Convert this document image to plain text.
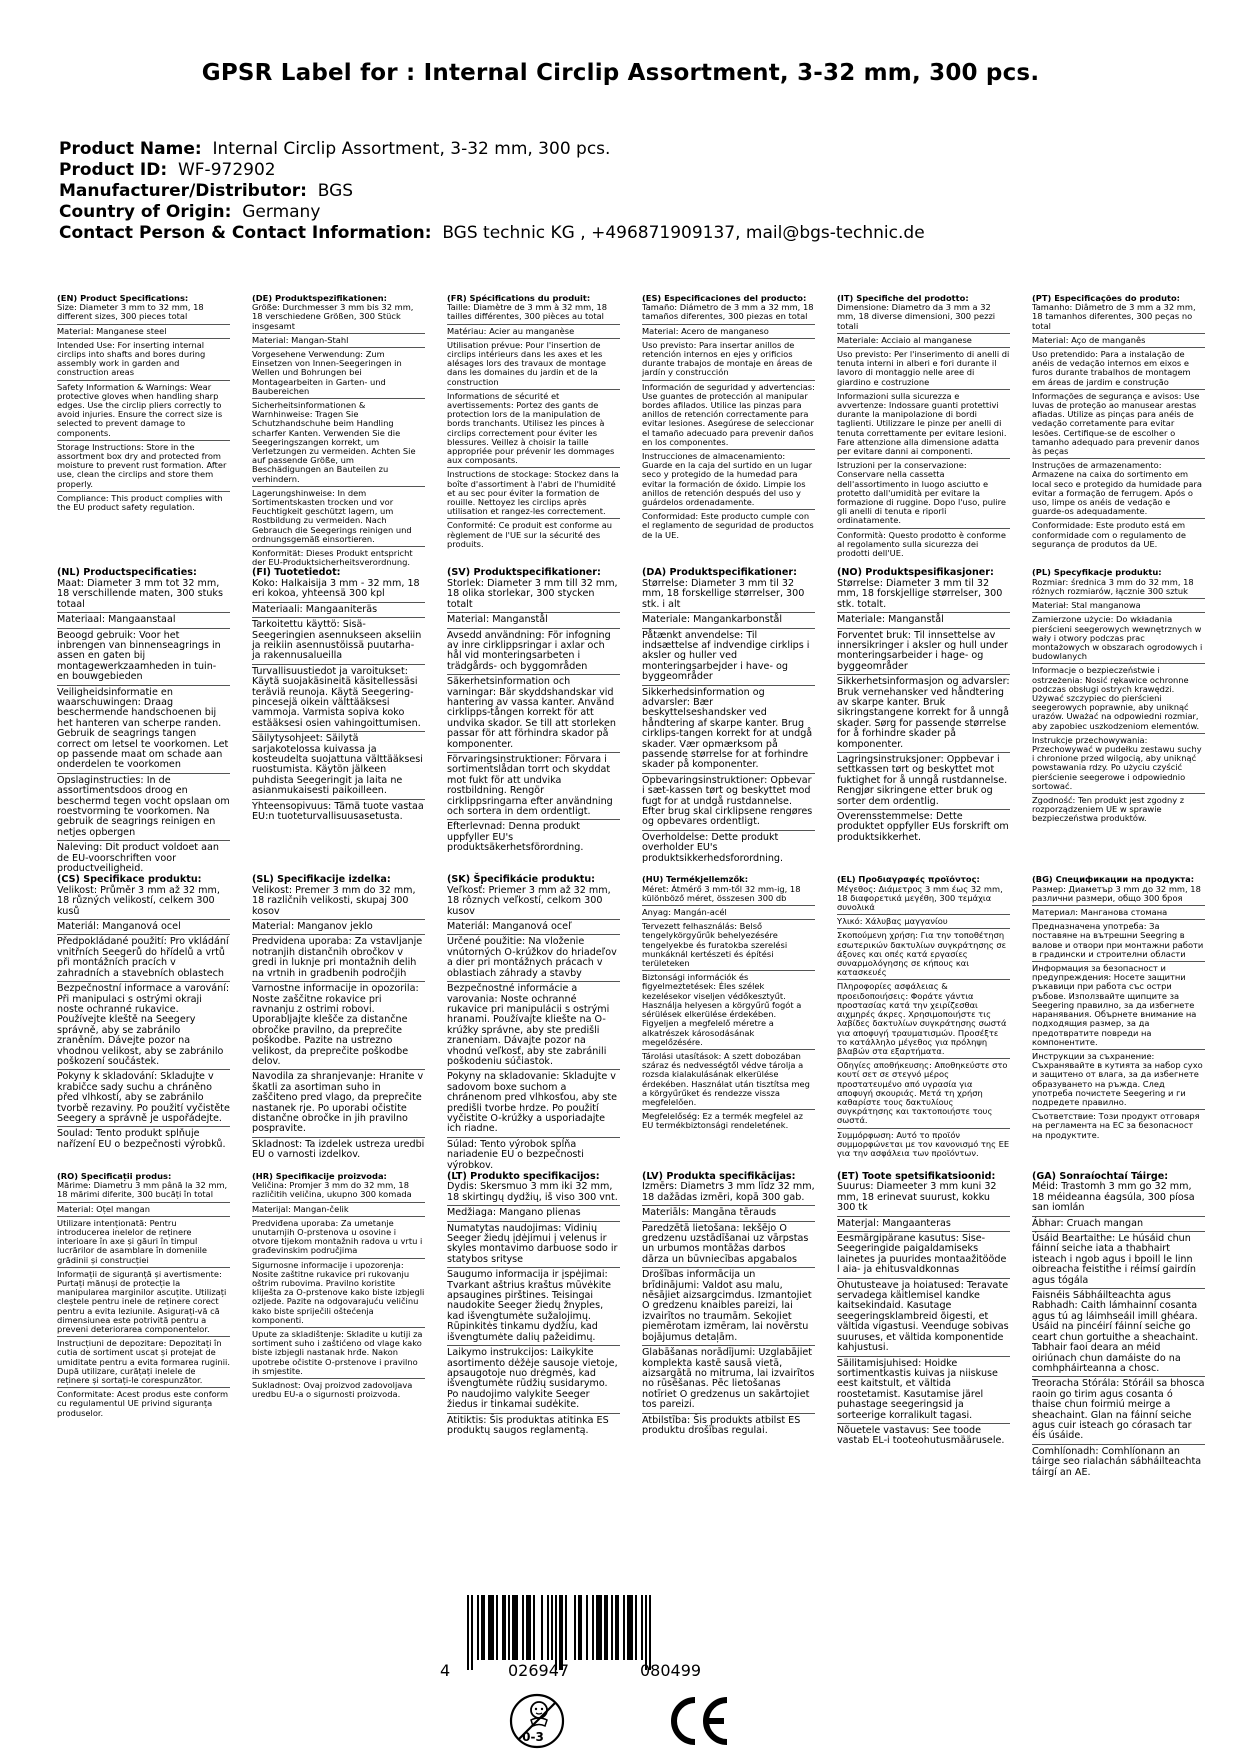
GPSR Label for : Internal Circlip Assortment, 3-32 mm, 300 pcs.
Product Name: Internal Circlip Assortment, 3-32 mm, 300 pcs.
Product ID: WF-972902
Manufacturer/Distributor: BGS
Country of Origin: Germany
Contact Person & Contact Information: BGS technic KG , +496871909137, mail@bgs-technic.de
(EN) Product Specifications:
Size: Diameter 3 mm to 32 mm, 18 different sizes, 300 pieces total
Material: Manganese steel
Intended Use: For inserting internal circlips into shafts and bores during assembly work in garden and construction areas
Safety Information & Warnings: Wear protective gloves when handling sharp edges. Use the circlip pliers correctly to avoid injuries. Ensure the correct size is selected to prevent damage to components.
Storage Instructions: Store in the assortment box dry and protected from moisture to prevent rust formation. After use, clean the circlips and store them properly.
Compliance: This product complies with the EU product safety regulation.
(DE) Produktspezifikationen:
Größe: Durchmesser 3 mm bis 32 mm, 18 verschiedene Größen, 300 Stück insgesamt
Material: Mangan-Stahl
Vorgesehene Verwendung: Zum Einsetzen von Innen-Seegeringen in Wellen und Bohrungen bei Montagearbeiten in Garten- und Baubereichen
Sicherheitsinformationen & Warnhinweise: Tragen Sie Schutzhandschuhe beim Handling scharfer Kanten. Verwenden Sie die Seegeringszangen korrekt, um Verletzungen zu vermeiden. Achten Sie auf passende Größe, um Beschädigungen an Bauteilen zu verhindern.
Lagerungshinweise: In dem Sortimentskasten trocken und vor Feuchtigkeit geschützt lagern, um Rostbildung zu vermeiden. Nach Gebrauch die Seegerings reinigen und ordnungsgemäß einsortieren.
Konformität: Dieses Produkt entspricht der EU-Produktsicherheitsverordnung.
(FR) Spécifications du produit:
Taille: Diamètre de 3 mm à 32 mm, 18 tailles différentes, 300 pièces au total
Matériau: Acier au manganèse
Utilisation prévue: Pour l'insertion de circlips intérieurs dans les axes et les alésages lors des travaux de montage dans les domaines du jardin et de la construction
Informations de sécurité et avertissements: Portez des gants de protection lors de la manipulation de bords tranchants. Utilisez les pinces à circlips correctement pour éviter les blessures. Veillez à choisir la taille appropriée pour prévenir les dommages aux composants.
Instructions de stockage: Stockez dans la boîte d'assortiment à l'abri de l'humidité et au sec pour éviter la formation de rouille. Nettoyez les circlips après utilisation et rangez-les correctement.
Conformité: Ce produit est conforme au règlement de l'UE sur la sécurité des produits.
(ES) Especificaciones del producto:
Tamaño: Diámetro de 3 mm a 32 mm, 18 tamaños diferentes, 300 piezas en total
Material: Acero de manganeso
Uso previsto: Para insertar anillos de retención internos en ejes y orificios durante trabajos de montaje en áreas de jardín y construcción
Información de seguridad y advertencias: Use guantes de protección al manipular bordes afilados. Utilice las pinzas para anillos de retención correctamente para evitar lesiones. Asegúrese de seleccionar el tamaño adecuado para prevenir daños en los componentes.
Instrucciones de almacenamiento: Guarde en la caja del surtido en un lugar seco y protegido de la humedad para evitar la formación de óxido. Limpie los anillos de retención después del uso y guárdelos ordenadamente.
Conformidad: Este producto cumple con el reglamento de seguridad de productos de la UE.
(IT) Specifiche del prodotto:
Dimensione: Diametro da 3 mm a 32 mm, 18 diverse dimensioni, 300 pezzi totali
Materiale: Acciaio al manganese
Uso previsto: Per l'inserimento di anelli di tenuta interni in alberi e fori durante il lavoro di montaggio nelle aree di giardino e costruzione
Informazioni sulla sicurezza e avvertenze: Indossare guanti protettivi durante la manipolazione di bordi taglienti. Utilizzare le pinze per anelli di tenuta correttamente per evitare lesioni. Fare attenzione alla dimensione adatta per evitare danni ai componenti.
Istruzioni per la conservazione: Conservare nella cassetta dell'assortimento in luogo asciutto e protetto dall'umidità per evitare la formazione di ruggine. Dopo l'uso, pulire gli anelli di tenuta e riporli ordinatamente.
Conformità: Questo prodotto è conforme al regolamento sulla sicurezza dei prodotti dell'UE.
(PT) Especificações do produto:
Tamanho: Diâmetro de 3 mm a 32 mm, 18 tamanhos diferentes, 300 peças no total
Material: Aço de manganês
Uso pretendido: Para a instalação de anéis de vedação internos em eixos e furos durante trabalhos de montagem em áreas de jardim e construção
Informações de segurança e avisos: Use luvas de proteção ao manusear arestas afiadas. Utilize as pinças para anéis de vedação corretamente para evitar lesões. Certifique-se de escolher o tamanho adequado para prevenir danos às peças
Instruções de armazenamento: Armazene na caixa do sortimento em local seco e protegido da humidade para evitar a formação de ferrugem. Após o uso, limpe os anéis de vedação e guarde-os adequadamente.
Conformidade: Este produto está em conformidade com o regulamento de segurança de produtos da UE.
(NL) Productspecificaties:
Maat: Diameter 3 mm tot 32 mm, 18 verschillende maten, 300 stuks totaal
Materiaal: Mangaanstaal
Beoogd gebruik: Voor het inbrengen van binnenseagrings in assen en gaten bij montagewerkzaamheden in tuin- en bouwgebieden
Veiligheidsinformatie en waarschuwingen: Draag beschermende handschoenen bij het hanteren van scherpe randen. Gebruik de seagrings tangen correct om letsel te voorkomen. Let op passende maat om schade aan onderdelen te voorkomen
Opslaginstructies: In de assortimentsdoos droog en beschermd tegen vocht opslaan om roestvorming te voorkomen. Na gebruik de seagrings reinigen en netjes opbergen
Naleving: Dit product voldoet aan de EU-voorschriften voor productveiligheid.
(FI) Tuotetiedot:
Koko: Halkaisija 3 mm - 32 mm, 18 eri kokoa, yhteensä 300 kpl
Materiaali: Mangaaniteräs
Tarkoitettu käyttö: Sisä-Seegeringien asennukseen akseliin ja reikiin asennustöissä puutarha- ja rakennusalueilla
Turvallisuustiedot ja varoitukset: Käytä suojakäsineitä käsitellessäsi teräviä reunoja. Käytä Seegering-pincesejä oikein välttääksesi vammoja. Varmista sopiva koko estääksesi osien vahingoittumisen.
Säilytysohjeet: Säilytä sarjakotelossa kuivassa ja kosteudelta suojattuna välttääksesi ruostumista. Käytön jälkeen puhdista Seegeringit ja laita ne asianmukaisesti paikoilleen.
Yhteensopivuus: Tämä tuote vastaa EU:n tuoteturvallisuusasetusta.
(SV) Produktspecifikationer:
Storlek: Diameter 3 mm till 32 mm, 18 olika storlekar, 300 stycken totalt
Material: Manganstål
Avsedd användning: För infogning av inre cirklippsringar i axlar och hål vid monteringsarbeten i trädgårds- och byggområden
Säkerhetsinformation och varningar: Bär skyddshandskar vid hantering av vassa kanter. Använd cirklipps-tången korrekt för att undvika skador. Se till att storleken passar för att förhindra skador på komponenter.
Förvaringsinstruktioner: Förvara i sortimentslådan torrt och skyddat mot fukt för att undvika rostbildning. Rengör cirklippsringarna efter användning och sortera in dem ordentligt.
Efterlevnad: Denna produkt uppfyller EU's produktsäkerhetsförordning.
(DA) Produktspecifikationer:
Størrelse: Diameter 3 mm til 32 mm, 18 forskellige størrelser, 300 stk. i alt
Materiale: Mangankarbonstål
Påtænkt anvendelse: Til indsættelse af indvendige cirklips i aksler og huller ved monteringsarbejder i have- og byggeområder
Sikkerhedsinformation og advarsler: Bær beskyttelseshandsker ved håndtering af skarpe kanter. Brug cirklips-tangen korrekt for at undgå skader. Vær opmærksom på passende størrelse for at forhindre skader på komponenter.
Opbevaringsinstruktioner: Opbevar i sæt-kassen tørt og beskyttet mod fugt for at undgå rustdannelse. Efter brug skal cirklipsene rengøres og opbevares ordentligt.
Overholdelse: Dette produkt overholder EU's produktsikkerhedsforordning.
(NO) Produktspesifikasjoner:
Størrelse: Diameter 3 mm til 32 mm, 18 forskjellige størrelser, 300 stk. totalt.
Materiale: Manganstål
Forventet bruk: Til innsettelse av innersikringer i aksler og hull under monteringsarbeider i hage- og byggeområder
Sikkerhetsinformasjon og advarsler: Bruk vernehansker ved håndtering av skarpe kanter. Bruk sikringstangene korrekt for å unngå skader. Sørg for passende størrelse for å forhindre skader på komponenter.
Lagringsinstruksjoner: Oppbevar i settkassen tørt og beskyttet mot fuktighet for å unngå rustdannelse. Rengjør sikringene etter bruk og sorter dem ordentlig.
Overensstemmelse: Dette produktet oppfyller EUs forskrift om produktsikkerhet.
(PL) Specyfikacje produktu:
Rozmiar: średnica 3 mm do 32 mm, 18 różnych rozmiarów, łącznie 300 sztuk
Materiał: Stal manganowa
Zamierzone użycie: Do wkładania pierścieni seegerowych wewnętrznych w wały i otwory podczas prac montażowych w obszarach ogrodowych i budowlanych
Informacje o bezpieczeństwie i ostrzeżenia: Nosić rękawice ochronne podczas obsługi ostrych krawędzi. Używać szczypiec do pierścieni seegerowych poprawnie, aby uniknąć urazów. Uważać na odpowiedni rozmiar, aby zapobiec uszkodzeniom elementów.
Instrukcje przechowywania: Przechowywać w pudełku zestawu suchy i chronione przed wilgocią, aby uniknąć powstawania rdzy. Po użyciu czyścić pierścienie seegerowe i odpowiednio sortować.
Zgodność: Ten produkt jest zgodny z rozporządzeniem UE w sprawie bezpieczeństwa produktów.
(CS) Specifikace produktu:
Velikost: Průměr 3 mm až 32 mm, 18 různých velikostí, celkem 300 kusů
Materiál: Manganová ocel
Předpokládané použití: Pro vkládání vnitřních Seegerů do hřídelů a vrtů při montážních pracích v zahradních a stavebních oblastech
Bezpečnostní informace a varování: Při manipulaci s ostrými okraji noste ochranné rukavice. Používejte kleště na Seegery správně, aby se zabránilo zraněním. Dávejte pozor na vhodnou velikost, aby se zabránilo poškození součástek.
Pokyny k skladování: Skladujte v krabičce sady suchu a chráněno před vlhkostí, aby se zabránilo tvorbě rezaviny. Po použití vyčistěte Seegery a správně je uspořádejte.
Soulad: Tento produkt splňuje nařízení EU o bezpečnosti výrobků.
(SL) Specifikacije izdelka:
Velikost: Premer 3 mm do 32 mm, 18 različnih velikosti, skupaj 300 kosov
Material: Manganov jeklo
Predvidena uporaba: Za vstavljanje notranjih distančnih obročkov v gredi in luknje pri montažnih delih na vrtnih in gradbenih področjih
Varnostne informacije in opozorila: Noste zaščitne rokavice pri ravnanju z ostrimi robovi. Uporabljajte klešče za distančne obročke pravilno, da preprečite poškodbe. Pazite na ustrezno velikost, da preprečite poškodbe delov.
Navodila za shranjevanje: Hranite v škatli za asortiman suho in zaščiteno pred vlago, da preprečite nastanek rje. Po uporabi očistite distančne obročke in jih pravilno pospravite.
Skladnost: Ta izdelek ustreza uredbi EU o varnosti izdelkov.
(SK) Špecifikácie produktu:
Veľkosť: Priemer 3 mm až 32 mm, 18 rôznych veľkostí, celkom 300 kusov
Materiál: Manganová oceľ
Určené použitie: Na vloženie vnútorných O-krúžkov do hriadeľov a dier pri montážnych prácach v oblastiach záhrady a stavby
Bezpečnostné informácie a varovania: Noste ochranné rukavice pri manipulácii s ostrými hranami. Používajte kliešte na O-krúžky správne, aby ste predišli zraneniam. Dávajte pozor na vhodnú veľkosť, aby ste zabránili poškodeniu súčiastok.
Pokyny na skladovanie: Skladujte v sadovom boxe suchom a chránenom pred vlhkosťou, aby ste predišli tvorbe hrdze. Po použití vyčistite O-krúžky a usporiadajte ich riadne.
Súlad: Tento výrobok spĺňa nariadenie EÚ o bezpečnosti výrobkov.
(HU) Termékjellemzők:
Méret: Átmérő 3 mm-től 32 mm-ig, 18 különböző méret, összesen 300 db
Anyag: Mangán-acél
Tervezett felhasználás: Belső tengelykörgyűrűk behelyezésére tengelyekbe és furatokba szerelési munkáknál kertészeti és építési területeken
Biztonsági információk és figyelmeztetések: Éles szélek kezelésekor viseljen védőkesztyűt. Használja helyesen a körgyűrű fogót a sérülések elkerülése érdekében. Figyeljen a megfelelő méretre a alkatrészek károsodásának megelőzésére.
Tárolási utasítások: A szett dobozában száraz és nedvességtől védve tárolja a rozsda kialakulásának elkerülése érdekében. Használat után tisztítsa meg a körgyűrűket és rendezze vissza megfelelően.
Megfelelőség: Ez a termék megfelel az EU termékbiztonsági rendeletének.
(EL) Προδιαγραφές προϊόντος:
Μέγεθος: Διάμετρος 3 mm έως 32 mm, 18 διαφορετικά μεγέθη, 300 τεμάχια συνολικά
Υλικό: Χάλυβας μαγγανίου
Σκοπούμενη χρήση: Για την τοποθέτηση εσωτερικών δακτυλίων συγκράτησης σε άξονες και οπές κατά εργασίες συναρμολόγησης σε κήπους και κατασκευές
Πληροφορίες ασφάλειας & προειδοποιήσεις: Φοράτε γάντια προστασίας κατά την χειρίζεσθαι αιχμηρές άκρες. Χρησιμοποιήστε τις λαβίδες δακτυλίων συγκράτησης σωστά για αποφυγή τραυματισμών. Προσέξτε το κατάλληλο μέγεθος για πρόληψη βλαβών στα εξαρτήματα.
Οδηγίες αποθήκευσης: Αποθηκεύστε στο κουτί σετ σε στεγνό μέρος προστατευμένο από υγρασία για αποφυγή σκουριάς. Μετά τη χρήση καθαρίστε τους δακτυλίους συγκράτησης και τακτοποιήστε τους σωστά.
Συμμόρφωση: Αυτό το προϊόν συμμορφώνεται με τον κανονισμό της ΕΕ για την ασφάλεια των προϊόντων.
(BG) Спецификации на продукта:
Размер: Диаметър 3 mm до 32 mm, 18 различни размери, общо 300 броя
Материал: Манганова стомана
Предназначена употреба: За поставяне на вътрешни Seegring в валове и отвори при монтажни работи в градински и строителни области
Информация за безопасност и предупреждения: Носете защитни ръкавици при работа със остри ръбове. Използвайте щипците за Seegering правилно, за да избегнете наранявания. Обърнете внимание на подходящия размер, за да предотвратите повреди на компонентите.
Инструкции за съхранение: Съхранявайте в кутията за набор сухо и защитено от влага, за да избегнете образуването на ръжда. След употреба почистете Seegering и ги подредете правилно.
Съответствие: Този продукт отговаря на регламента на ЕС за безопасност на продуктите.
(RO) Specificații produs:
Mărime: Diametru 3 mm până la 32 mm, 18 mărimi diferite, 300 bucăți în total
Material: Oțel mangan
Utilizare intenționată: Pentru introducerea inelelor de reținere interioare în axe și găuri în timpul lucrărilor de asamblare în domeniile grădinii și construcției
Informații de siguranță și avertismente: Purtați mănuși de protecție la manipularea marginilor ascuțite. Utilizați cleștele pentru inele de reținere corect pentru a evita leziunile. Asigurați-vă că dimensiunea este potrivită pentru a preveni deteriorarea componentelor.
Instrucțiuni de depozitare: Depozitați în cutia de sortiment uscat și protejat de umiditate pentru a evita formarea ruginii. După utilizare, curățați inelele de reținere și sortați-le corespunzător.
Conformitate: Acest produs este conform cu regulamentul UE privind siguranța produselor.
(HR) Specifikacije proizvoda:
Veličina: Promjer 3 mm do 32 mm, 18 različitih veličina, ukupno 300 komada
Materijal: Mangan-čelik
Predviđena uporaba: Za umetanje unutarnjih O-prstenova u osovine i otvore tijekom montažnih radova u vrtu i građevinskim područjima
Sigurnosne informacije i upozorenja: Nosite zaštitne rukavice pri rukovanju oštrim rubovima. Pravilno koristite kliješta za O-prstenove kako biste izbjegli ozljede. Pazite na odgovarajuću veličinu kako biste spriječili oštećenja komponenti.
Upute za skladištenje: Skladite u kutiji za sortiment suho i zaštićeno od vlage kako biste izbjegli nastanak hrđe. Nakon upotrebe očistite O-prstenove i pravilno ih smjestite.
Sukladnost: Ovaj proizvod zadovoljava uredbu EU-a o sigurnosti proizvoda.
(LT) Produkto specifikacijos:
Dydis: Skersmuo 3 mm iki 32 mm, 18 skirtingų dydžių, iš viso 300 vnt.
Medžiaga: Mangano plienas
Numatytas naudojimas: Vidinių Seeger žiedų įdėjimui į velenus ir skyles montavimo darbuose sodo ir statybos srityse
Saugumo informacija ir įspėjimai: Tvarkant aštrius kraštus mūvėkite apsaugines pirštines. Teisingai naudokite Seeger žiedų žnyples, kad išvengtumėte sužalojimų. Rūpinkitės tinkamu dydžiu, kad išvengtumėte dalių pažeidimų.
Laikymo instrukcijos: Laikykite asortimento dėžėje sausoje vietoje, apsaugotoje nuo drėgmės, kad išvengtumėte rūdžių susidarymo. Po naudojimo valykite Seeger žiedus ir tinkamai sudėkite.
Atitiktis: Šis produktas atitinka ES produktų saugos reglamentą.
(LV) Produkta specifikācijas:
Izmērs: Diametrs 3 mm līdz 32 mm, 18 dažādas izmēri, kopā 300 gab.
Materiāls: Mangāna tērauds
Paredzētā lietošana: Iekšējo O gredzenu uzstādīšanai uz vārpstas un urbumos montāžas darbos dārza un būvniecības apgabalos
Drošības informācija un brīdinājumi: Valdot asu malu, nēsājiet aizsargcimdus. Izmantojiet O gredzenu knaibles pareizi, lai izvairītos no traumām. Sekojiet piemērotam izmēram, lai novērstu bojājumus detaļām.
Glabāšanas norādījumi: Uzglabājiet komplekta kastē sausā vietā, aizsargātā no mitruma, lai izvairītos no rūsēšanas. Pēc lietošanas notīriet O gredzenus un sakārtojiet tos pareizi.
Atbilstība: Šis produkts atbilst ES produktu drošības regulai.
(ET) Toote spetsifikatsioonid:
Suurus: Diameeter 3 mm kuni 32 mm, 18 erinevat suurust, kokku 300 tk
Materjal: Mangaanteras
Eesmärgipärane kasutus: Sise-Seegeringide paigaldamiseks lainetes ja puurides montaažitööde l aia- ja ehitusvaldkonnas
Ohutusteave ja hoiatused: Teravate servadega käitlemisel kandke kaitsekindaid. Kasutage seegeringsklambreid õigesti, et vältida vigastusi. Veenduge sobivas suuruses, et vältida komponentide kahjustusi.
Säilitamisjuhised: Hoidke sortimentkastis kuivas ja niiskuse eest kaitstult, et vältida roostetamist. Kasutamise järel puhastage seegeringsid ja sorteerige korralikult tagasi.
Nõuetele vastavus: See toode vastab EL-i tooteohutusmäärusele.
(GA) Sonraíochtaí Táirge:
Méid: Trastomh 3 mm go 32 mm, 18 méideanna éagsúla, 300 píosa san iomlán
Ábhar: Cruach mangan
Úsáid Beartaithe: Le húsáid chun fáinní seiche iata a thabhairt isteach i ngob agus i bpoill le linn oibreacha feistithe i réimsí gairdín agus tógála
Faisnéis Sábháilteachta agus Rabhadh: Caith lámhainní cosanta agus tú ag láimhseáil imill ghéara. Úsáid na pincéirí fáinní seiche go ceart chun gortuithe a sheachaint. Tabhair faoi deara an méid oiriúnach chun damáiste do na comhpháirteanna a chosc.
Treoracha Stórála: Stóráil sa bhosca raoin go tirim agus cosanta ó thaise chun foirmiú meirge a sheachaint. Glan na fáinní seiche agus cuir isteach go córasach tar éis úsáide.
Comhlíonadh: Comhlíonann an táirge seo rialachán sábháilteachta táirgí an AE.
4	026947	080499
0-3
